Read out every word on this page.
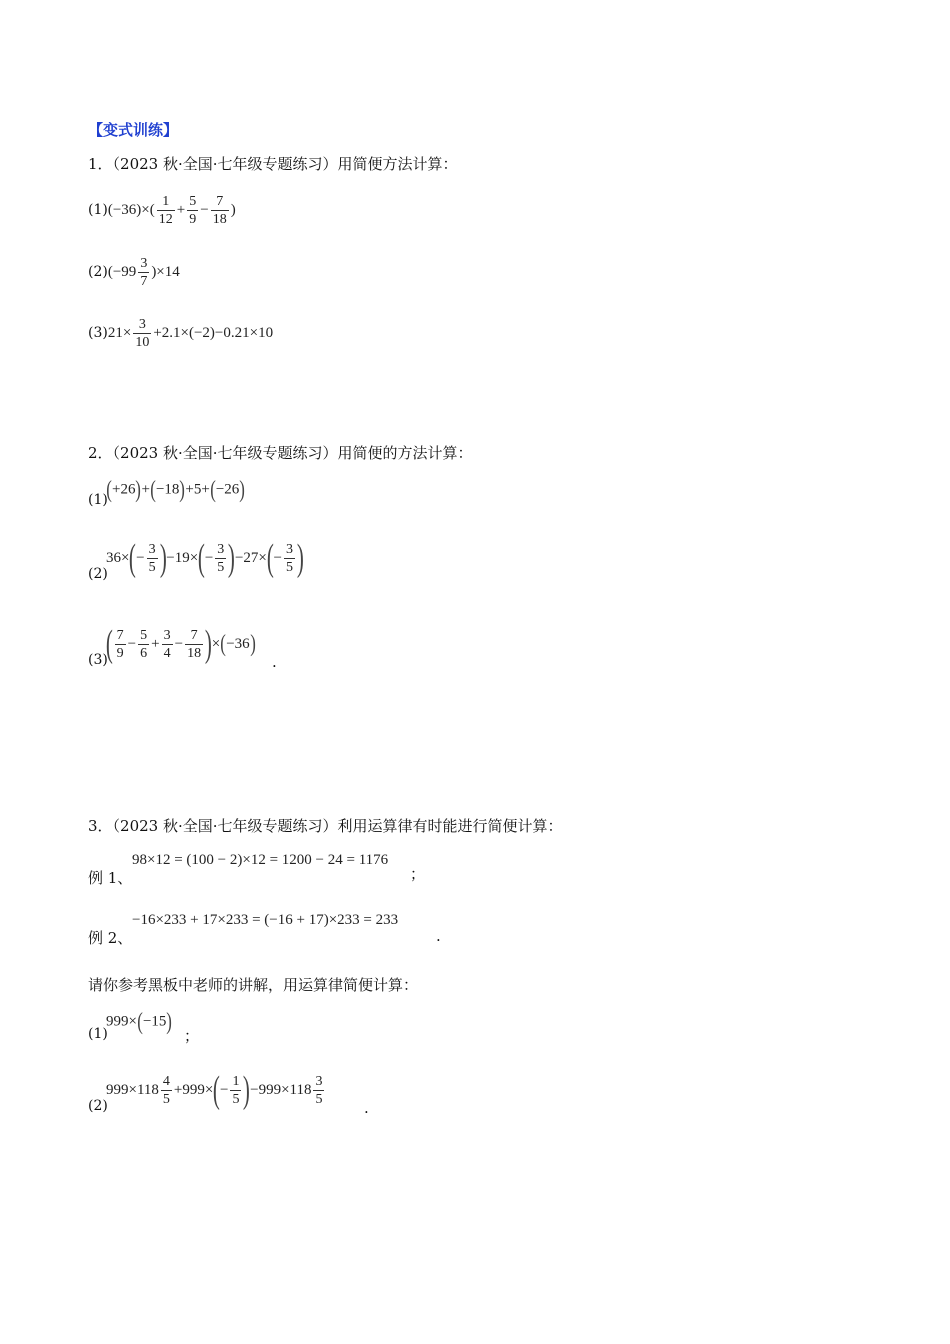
【变式训练】
1．（2023 秋·全国·七年级专题练习）用简便方法计算：
(1) $(-36)\times( \frac{1}{12} + \frac{5}{9} - \frac{7}{18}$ )
(2) $(-99 \frac{3}{7} )\times 14$
(3) $21\times \frac{3}{10} +2.1\times(-2)-0.21\times 10$
2．（2023 秋·全国·七年级专题练习）用简便的方法计算：
(1)
(+26)+(−18)+5+(−26)
(2)
36× ( − $\frac{3}{5}$ ) −19× ( − $\frac{3}{5}$ ) −27× ( − $\frac{3}{5}$ )
(3)
( $\frac{7}{9} - \frac{5}{6} + \frac{3}{4} - \frac{7}{18}$ ) × ( −36 )
.
3．（2023 秋·全国·七年级专题练习）利用运算律有时能进行简便计算：
例 1、
98×12 = (100 − 2)×12 = 1200 − 24 = 1176
；
例 2、
−16×233 + 17×233 = (−16 + 17)×233 = 233
.
请你参考黑板中老师的讲解，用运算律简便计算：
(1)
999×(−15)
；
(2)
$999\times 118 \frac{4}{5} +999\times$ ( − $\frac{1}{5}$ ) $-999\times 118 \frac{3}{5}$
.
